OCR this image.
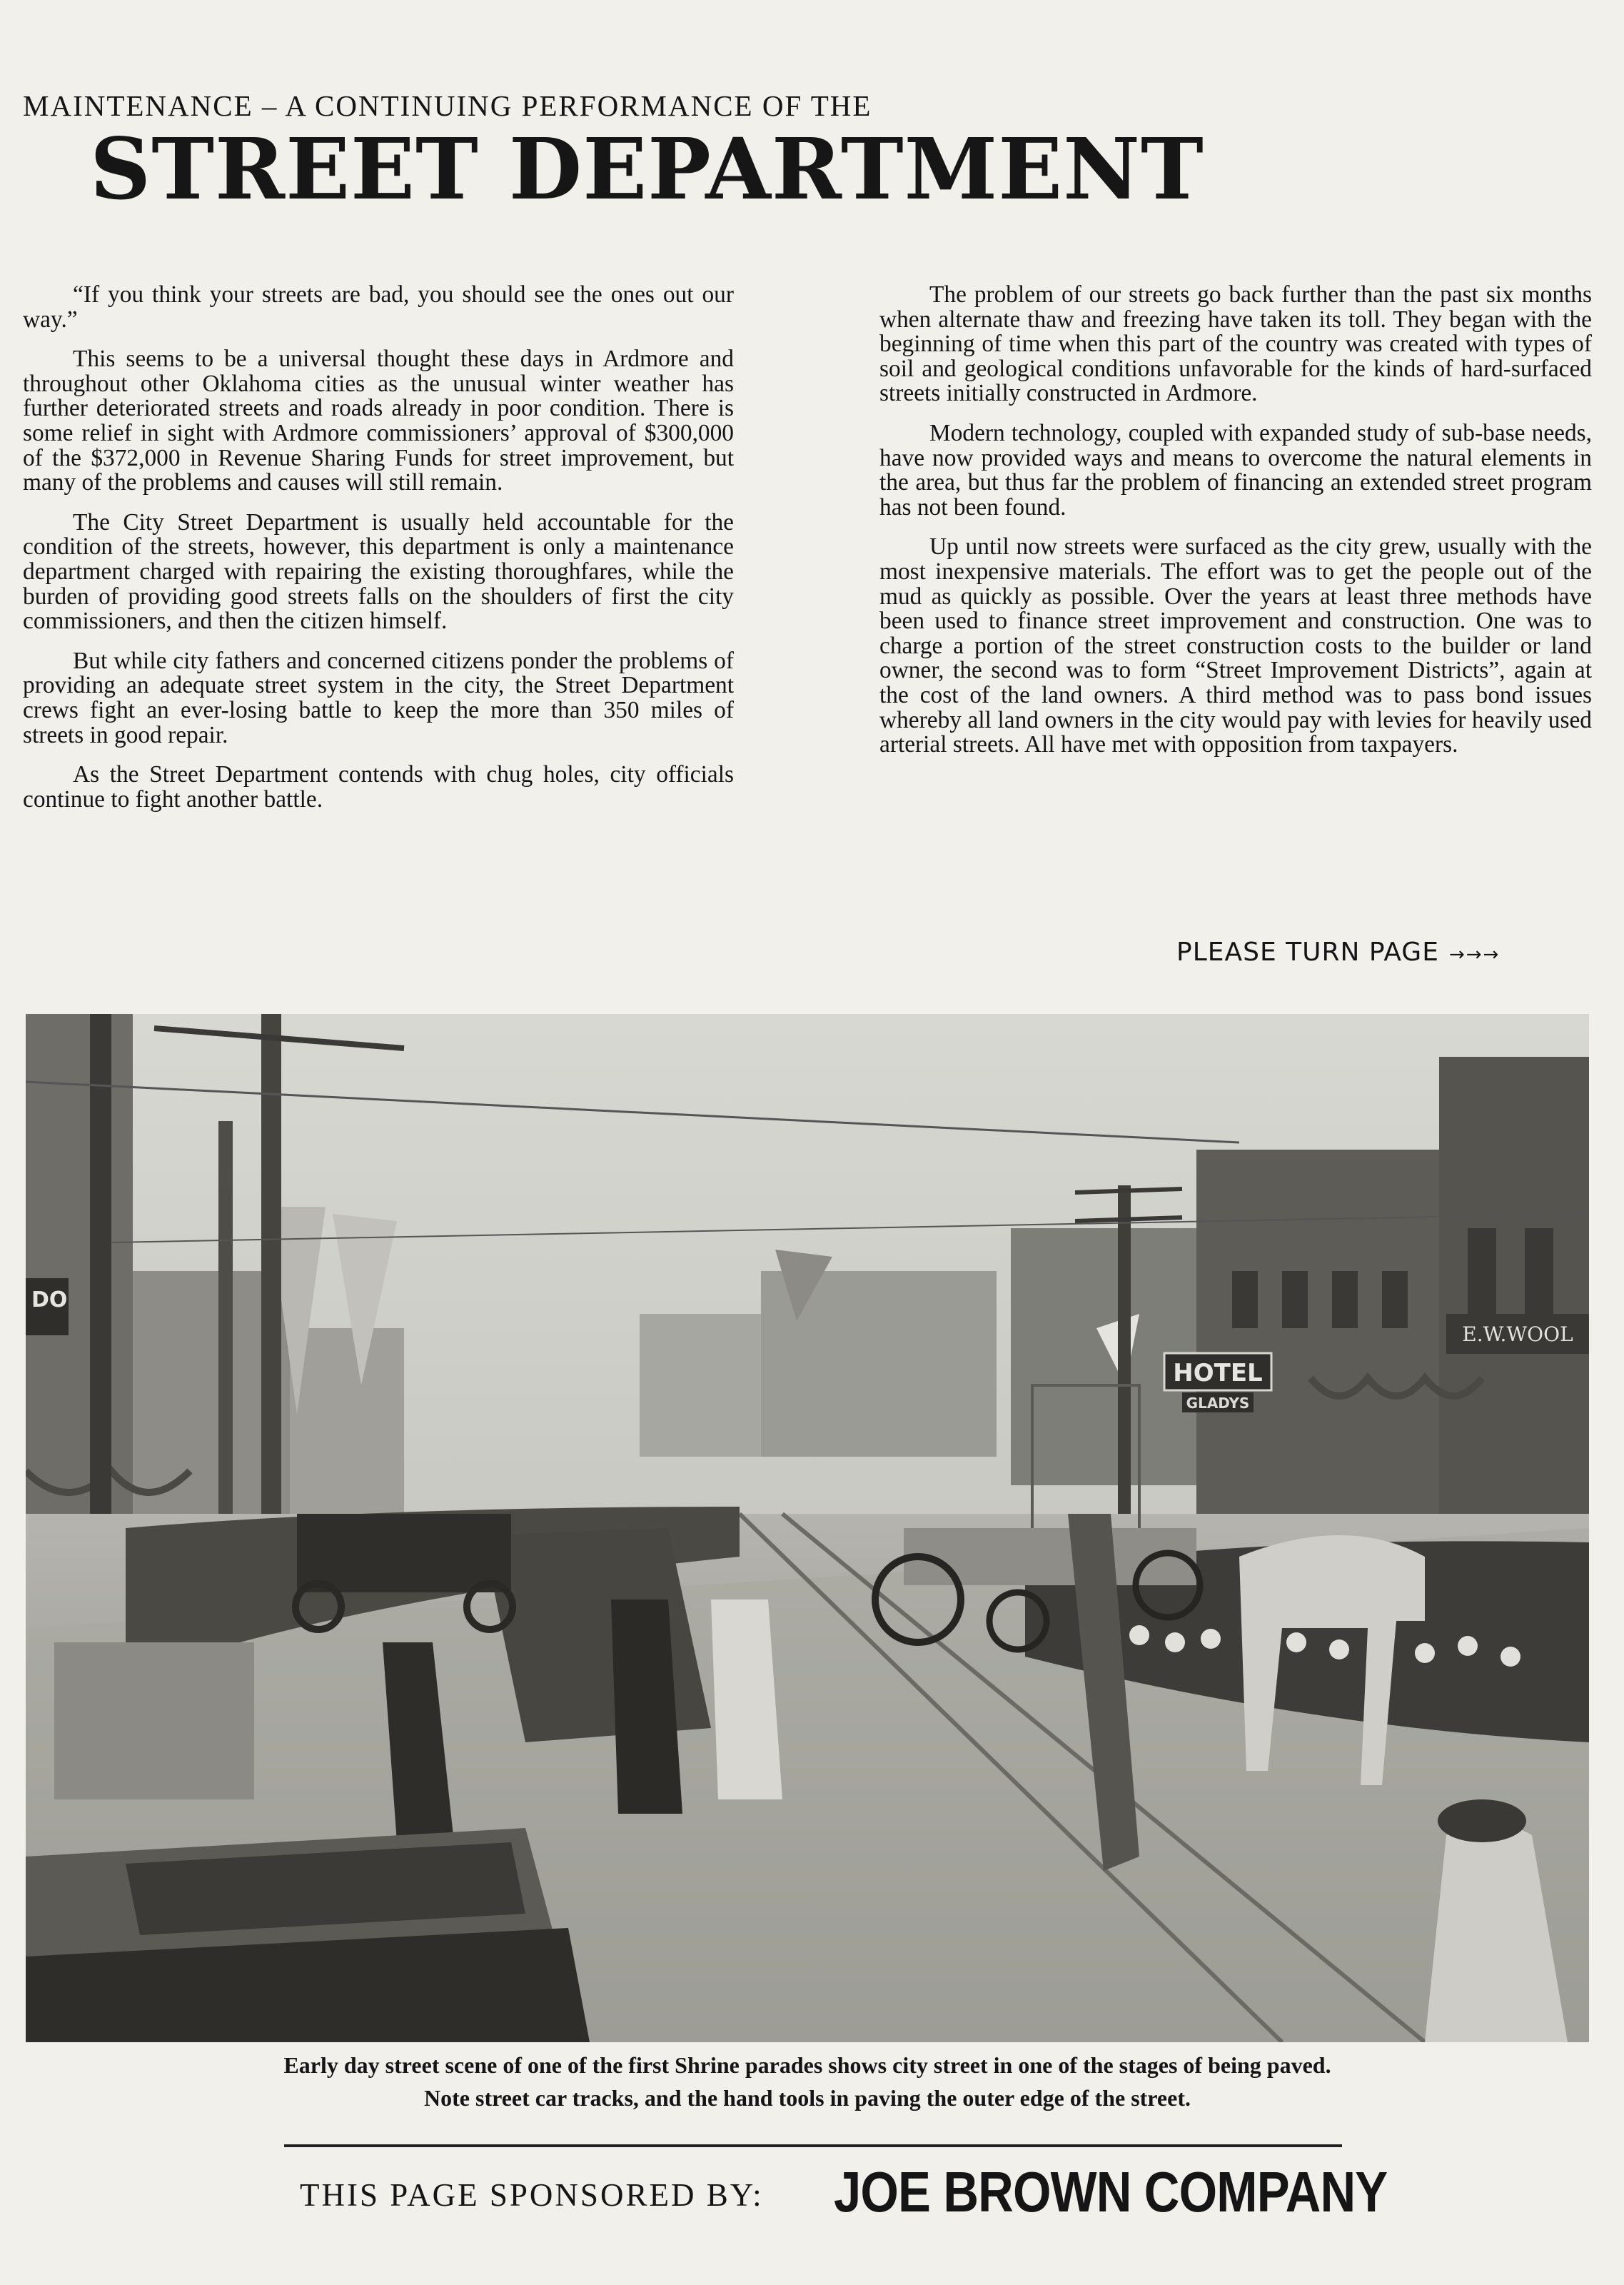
MAINTENANCE – A CONTINUING PERFORMANCE OF THE
STREET DEPARTMENT

“If you think your streets are bad, you should see the ones out our way.”

This seems to be a universal thought these days in Ardmore and throughout other Oklahoma cities as the unusual winter weather has further deteriorated streets and roads already in poor condition. There is some relief in sight with Ardmore commissioners’ approval of $300,000 of the $372,000 in Revenue Sharing Funds for street improvement, but many of the problems and causes will still remain.

The City Street Department is usually held accountable for the condition of the streets, however, this department is only a maintenance department charged with repairing the existing thoroughfares, while the burden of providing good streets falls on the shoulders of first the city commissioners, and then the citizen himself.

But while city fathers and concerned citizens ponder the problems of providing an adequate street system in the city, the Street Department crews fight an ever-losing battle to keep the more than 350 miles of streets in good repair.

As the Street Department contends with chug holes, city officials continue to fight another battle.

The problem of our streets go back further than the past six months when alternate thaw and freezing have taken its toll. They began with the beginning of time when this part of the country was created with types of soil and geological conditions unfavorable for the kinds of hard-surfaced streets initially constructed in Ardmore.

Modern technology, coupled with expanded study of sub-base needs, have now provided ways and means to overcome the natural elements in the area, but thus far the problem of financing an extended street program has not been found.

Up until now streets were surfaced as the city grew, usually with the most inexpensive materials. The effort was to get the people out of the mud as quickly as possible. Over the years at least three methods have been used to finance street improvement and construction. One was to charge a portion of the street construction costs to the builder or land owner, the second was to form “Street Improvement Districts”, again at the cost of the land owners. A third method was to pass bond issues whereby all land owners in the city would pay with levies for heavily used arterial streets. All have met with opposition from taxpayers.

PLEASE TURN PAGE →→→
HOTEL
GLADYS
E.W.WOOL
DO
Early day street scene of one of the first Shrine parades shows city street in one of the stages of being paved.
Note street car tracks, and the hand tools in paving the outer edge of the street.
THIS PAGE SPONSORED BY: JOE BROWN COMPANY
